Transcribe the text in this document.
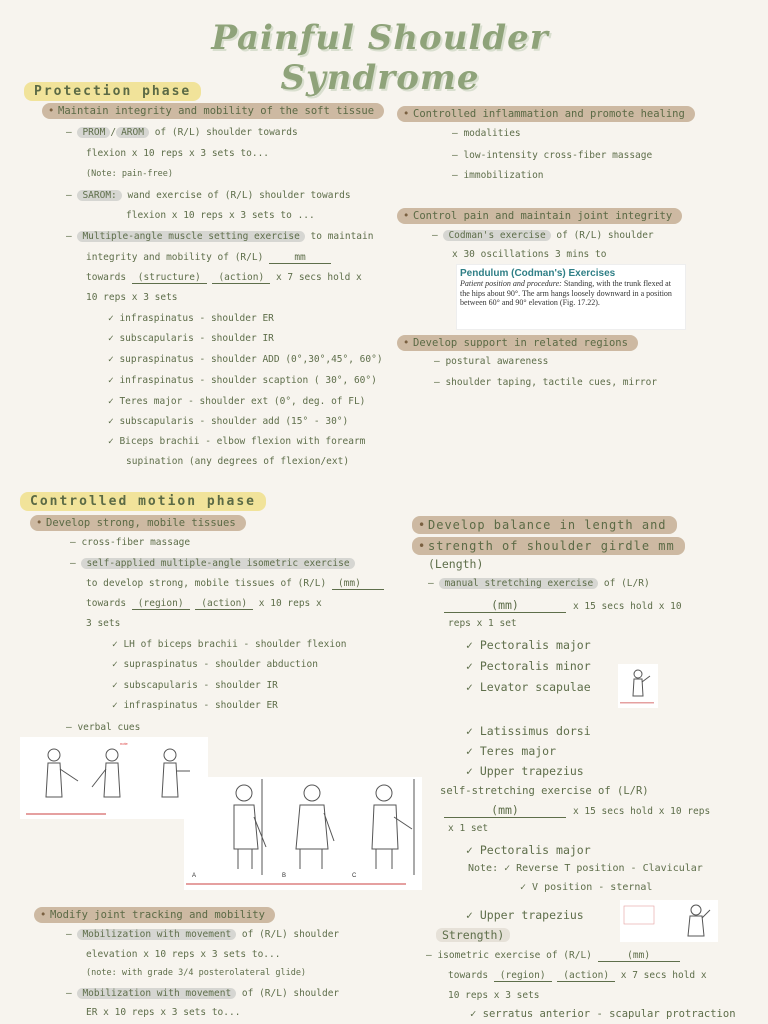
Painful Shoulder Syndrome
Protection phase
• Maintain integrity and mobility of the soft tissue
– PROM / AROM of (R/L) shoulder towards
flexion x 10 reps x 3 sets to...
(Note: pain-free)
– SAROM: wand exercise of (R/L) shoulder towards
flexion x 10 reps x 3 sets to ...
– Multiple-angle muscle setting exercise to maintain
integrity and mobility of (R/L)	mm
towards (structure) (action) x 7 secs hold x
10 reps x 3 sets
✓ infraspinatus - shoulder ER
✓ subscapularis - shoulder IR
✓ supraspinatus - shoulder ADD (0°,30°,45°, 60°)
✓ infraspinatus - shoulder scaption ( 30°, 60°)
✓ Teres major - shoulder ext (0°, deg. of FL)
✓ subscapularis - shoulder add (15° - 30°)
✓ Biceps brachii - elbow flexion with forearm
supination (any degrees of flexion/ext)
• Controlled inflammation and promote healing
– modalities
– low-intensity cross-fiber massage
– immobilization
• Control pain and maintain joint integrity
– Codman's exercise of (R/L) shoulder
x 30 oscillations 3 mins to
Pendulum (Codman's) Exercises
Patient position and procedure: Standing, with the trunk flexed at the hips about 90°. The arm hangs loosely downward in a position between 60° and 90° elevation (Fig. 17.22).
• Develop support in related regions
– postural awareness
– shoulder taping, tactile cues, mirror
Controlled motion phase
• Develop strong, mobile tissues
– cross-fiber massage
– self-applied multiple-angle isometric exercise
to develop strong, mobile tissues of (R/L) (mm)
towards (region) (action) x 10 reps x
3 sets
✓ LH of biceps brachii - shoulder flexion
✓ supraspinatus - shoulder abduction
✓ subscapularis - shoulder IR
✓ infraspinatus - shoulder ER
– verbal cues
note
A	B	C
• Develop balance in length and
• strength of shoulder girdle mm
(Length)
– manual stretching exercise of (L/R)
(mm)	x 15 secs hold x 10
reps x 1 set
✓ Pectoralis major
✓ Pectoralis minor
✓ Levator scapulae
✓ Latissimus dorsi
✓ Teres major
✓ Upper trapezius
self-stretching exercise of (L/R)
(mm)	x 15 secs hold x 10 reps
x 1 set
✓ Pectoralis major
Note: ✓ Reverse T position - Clavicular
✓ V position - sternal
✓ Upper trapezius
Strength)
– isometric exercise of (R/L)	(mm)
towards (region) (action) x 7 secs hold x
10 reps x 3 sets
✓ serratus anterior - scapular protraction
• Modify joint tracking and mobility
– Mobilization with movement of (R/L) shoulder
elevation x 10 reps x 3 sets to...
(note: with grade 3/4 posterolateral glide)
– Mobilization with movement of (R/L) shoulder
ER x 10 reps x 3 sets to...
